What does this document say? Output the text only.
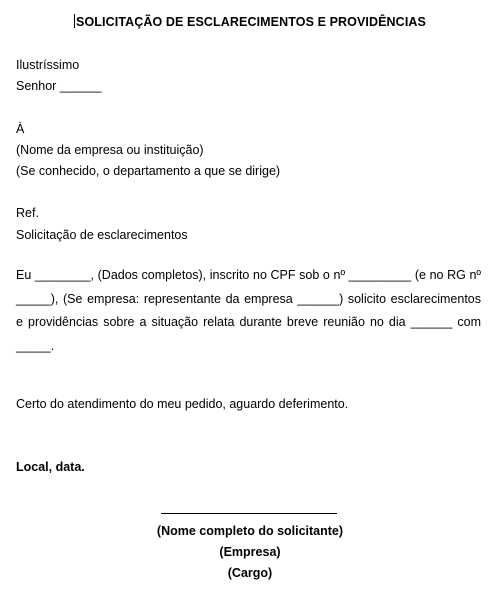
SOLICITAÇÃO DE ESCLARECIMENTOS E PROVIDÊNCIAS
Ilustríssimo
Senhor ______
À
(Nome da empresa ou instituição)
(Se conhecido, o departamento a que se dirige)
Ref.
Solicitação de esclarecimentos
Eu ________, (Dados completos), inscrito no CPF sob o nº _________ (e no RG nº _____), (Se empresa: representante da empresa ______) solicito esclarecimentos e providências sobre a situação relata durante breve reunião no dia ______ com _____.
Certo do atendimento do meu pedido, aguardo deferimento.
Local, data.
(Nome completo do solicitante)
(Empresa)
(Cargo)
